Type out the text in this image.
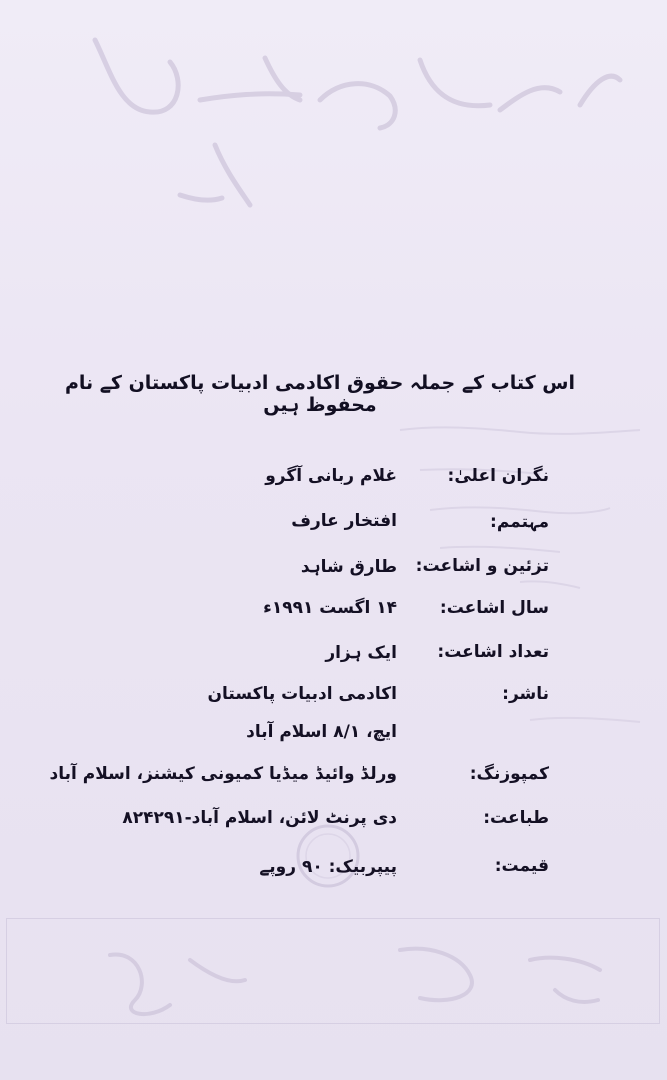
اس کتاب کے جملہ حقوق اکادمی ادبیات پاکستان کے نام محفوظ ہیں
نگران اعلیٰ:
غلام ربانی آگرو
مہتمم:
افتخار عارف
تزئین و اشاعت:
طارق شاہد
سال اشاعت:
۱۴ اگست ۱۹۹۱ء
تعداد اشاعت:
ایک ہزار
ناشر:
اکادمی ادبیات پاکستان
ایچ، ۸/۱ اسلام آباد
کمپوزنگ:
ورلڈ وائیڈ میڈیا کمیونی کیشنز، اسلام آباد
طباعت:
دی پرنٹ لائن، اسلام آباد-۸۲۴۲۹۱
قیمت:
پیپربیک: ۹۰ روپے
